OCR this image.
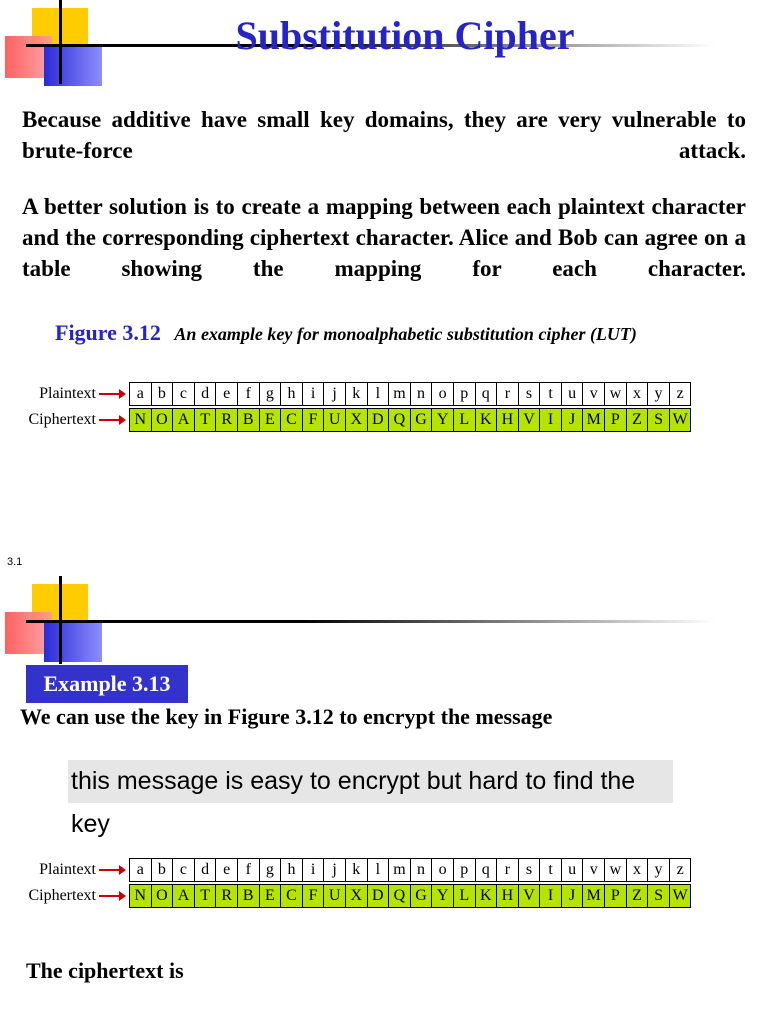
Substitution Cipher

Because additive have small key domains, they are very vulnerable to brute-force attack.

A better solution is to create a mapping between each plaintext character and the corresponding ciphertext character. Alice and Bob can agree on a table showing the mapping for each character.

Figure 3.12 An example key for monoalphabetic substitution cipher (LUT)
Plaintext	a b c d e f g h i	j k l m n o p q r s	t u v w x y z
Ciphertext	N O A T R B E C F U X D Q G Y L K H V I J M P Z S W
3.1
Example 3.13

We can use the key in Figure 3.12 to encrypt the message

this message is easy to encrypt but hard to find the key
Plaintext	a b c d e f g h i	j k l m n o p q r s	t u v w x y z
Ciphertext	N O A T R B E C F U X D Q G Y L K H V I J M P Z S W

The ciphertext is
